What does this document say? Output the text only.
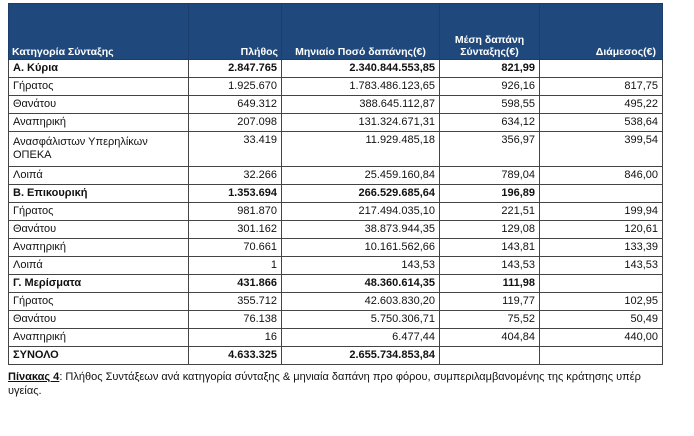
Κατηγορία Σύνταξης	Πλήθος	Μηνιαίο Ποσό δαπάνης(€)	Μέση δαπάνη Σύνταξης(€)	Διάμεσος(€)
Α. Κύρια	2.847.765	2.340.844.553,85	821,99	
Γήρατος	1.925.670	1.783.486.123,65	926,16	817,75
Θανάτου	649.312	388.645.112,87	598,55	495,22
Αναπηρική	207.098	131.324.671,31	634,12	538,64
Ανασφάλιστων Υπερηλίκων ΟΠΕΚΑ	33.419	11.929.485,18	356,97	399,54
Λοιπά	32.266	25.459.160,84	789,04	846,00
Β. Επικουρική	1.353.694	266.529.685,64	196,89	
Γήρατος	981.870	217.494.035,10	221,51	199,94
Θανάτου	301.162	38.873.944,35	129,08	120,61
Αναπηρική	70.661	10.161.562,66	143,81	133,39
Λοιπά	1	143,53	143,53	143,53
Γ. Μερίσματα	431.866	48.360.614,35	111,98	
Γήρατος	355.712	42.603.830,20	119,77	102,95
Θανάτου	76.138	5.750.306,71	75,52	50,49
Αναπηρική	16	6.477,44	404,84	440,00
ΣΥΝΟΛΟ	4.633.325	2.655.734.853,84		
Πίνακας 4: Πλήθος Συντάξεων ανά κατηγορία σύνταξης & μηνιαία δαπάνη προ φόρου, συμπεριλαμβανομένης της κράτησης υπέρ υγείας.
